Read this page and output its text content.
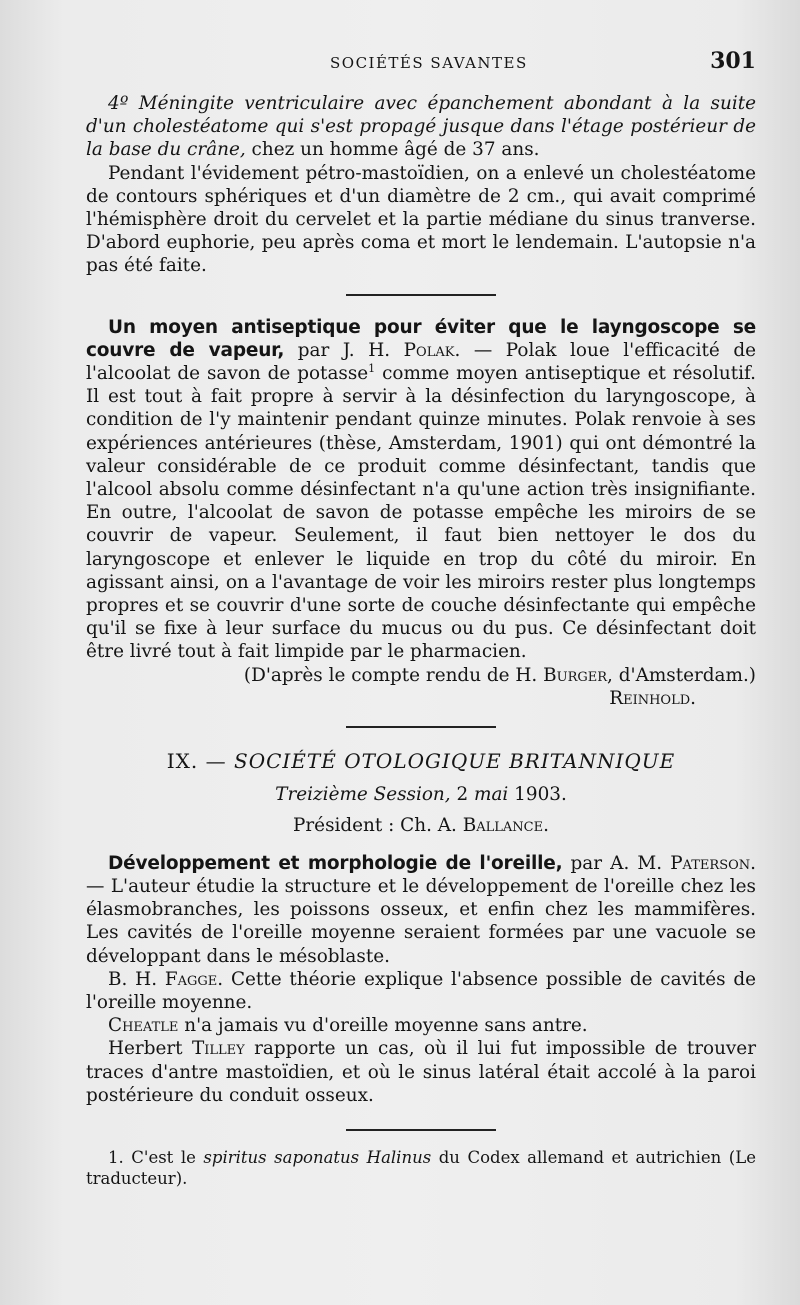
SOCIÉTÉS SAVANTES	301

4º Méningite ventriculaire avec épanchement abondant à la suite d'un cholestéatome qui s'est propagé jusque dans l'étage postérieur de la base du crâne, chez un homme âgé de 37 ans.

Pendant l'évidement pétro-mastoïdien, on a enlevé un cholestéatome de contours sphériques et d'un diamètre de 2 cm., qui avait comprimé l'hémisphère droit du cervelet et la partie médiane du sinus tranverse. D'abord euphorie, peu après coma et mort le lendemain. L'autopsie n'a pas été faite.

Un moyen antiseptique pour éviter que le layngoscope se couvre de vapeur, par J. H. Polak. — Polak loue l'efficacité de l'alcoolat de savon de potasse$^1$ comme moyen antiseptique et résolutif. Il est tout à fait propre à servir à la désinfection du laryngoscope, à condition de l'y maintenir pendant quinze minutes. Polak renvoie à ses expériences antérieures (thèse, Amsterdam, 1901) qui ont démontré la valeur considérable de ce produit comme désinfectant, tandis que l'alcool absolu comme désinfectant n'a qu'une action très insignifiante. En outre, l'alcoolat de savon de potasse empêche les miroirs de se couvrir de vapeur. Seulement, il faut bien nettoyer le dos du laryngoscope et enlever le liquide en trop du côté du miroir. En agissant ainsi, on a l'avantage de voir les miroirs rester plus longtemps propres et se couvrir d'une sorte de couche désinfectante qui empêche qu'il se fixe à leur surface du mucus ou du pus. Ce désinfectant doit être livré tout à fait limpide par le pharmacien.

(D'après le compte rendu de H. Burger, d'Amsterdam.)

Reinhold.

IX. — SOCIÉTÉ OTOLOGIQUE BRITANNIQUE

Treizième Session, 2 mai 1903.

Président : Ch. A. Ballance.

Développement et morphologie de l'oreille, par A. M. Paterson. — L'auteur étudie la structure et le développement de l'oreille chez les élasmobranches, les poissons osseux, et enfin chez les mammifères. Les cavités de l'oreille moyenne seraient formées par une vacuole se développant dans le mésoblaste.

B. H. Fagge. Cette théorie explique l'absence possible de cavités de l'oreille moyenne.

Cheatle n'a jamais vu d'oreille moyenne sans antre.

Herbert Tilley rapporte un cas, où il lui fut impossible de trouver traces d'antre mastoïdien, et où le sinus latéral était accolé à la paroi postérieure du conduit osseux.

1. C'est le spiritus saponatus Halinus du Codex allemand et autrichien (Le traducteur).
